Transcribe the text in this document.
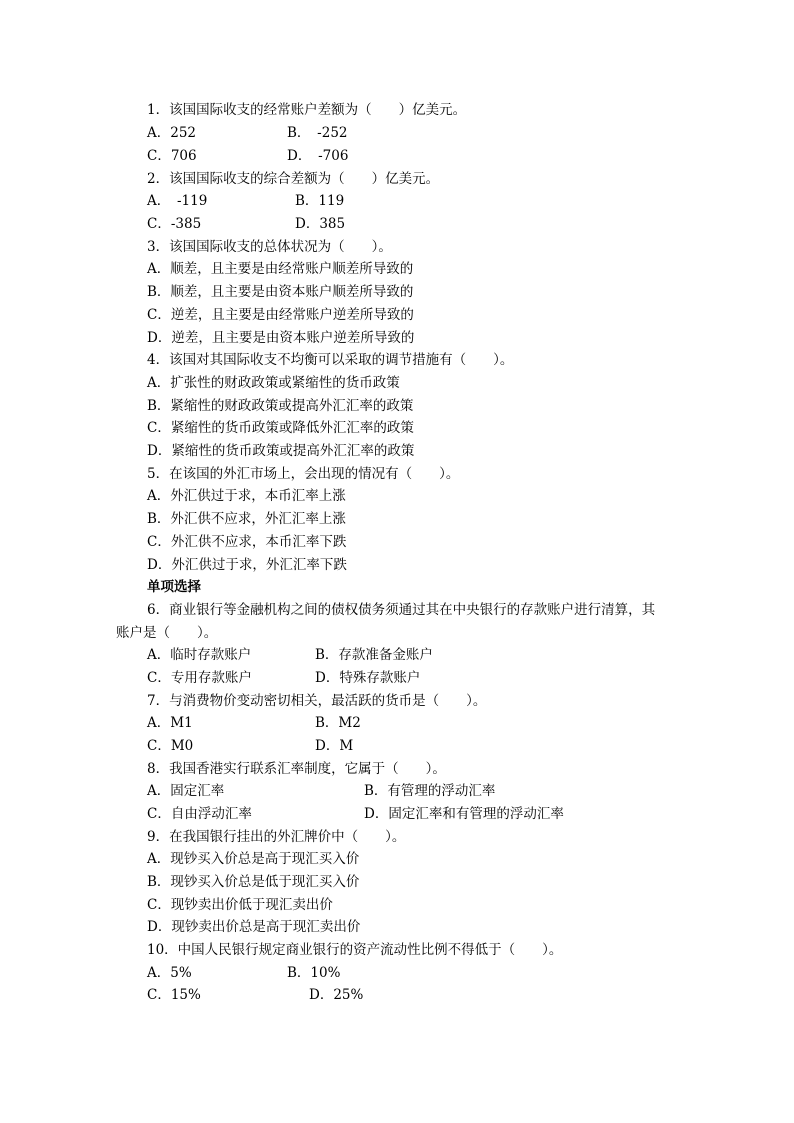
1．该国国际收支的经常账户差额为（　　）亿美元。
A．252	B．　-252
C．706	D．　-706
2．该国国际收支的综合差额为（　　）亿美元。
A．　-119	B．119
C．-385	D．385
3．该国国际收支的总体状况为（　　）。
A．顺差，且主要是由经常账户顺差所导致的
B．顺差，且主要是由资本账户顺差所导致的
C．逆差，且主要是由经常账户逆差所导致的
D．逆差，且主要是由资本账户逆差所导致的
4．该国对其国际收支不均衡可以采取的调节措施有（　　）。
A．扩张性的财政政策或紧缩性的货币政策
B．紧缩性的财政政策或提高外汇汇率的政策
C．紧缩性的货币政策或降低外汇汇率的政策
D．紧缩性的货币政策或提高外汇汇率的政策
5．在该国的外汇市场上，会出现的情况有（　　）。
A．外汇供过于求，本币汇率上涨
B．外汇供不应求，外汇汇率上涨
C．外汇供不应求，本币汇率下跌
D．外汇供过于求，外汇汇率下跌
单项选择
6．商业银行等金融机构之间的债权债务须通过其在中央银行的存款账户进行清算，其
账户是（　　）。
A．临时存款账户	B．存款准备金账户
C．专用存款账户	D．特殊存款账户
7．与消费物价变动密切相关，最活跃的货币是（　　）。
A．M1	B．M2
C．M0	D．M
8．我国香港实行联系汇率制度，它属于（　　）。
A．固定汇率	B．有管理的浮动汇率
C．自由浮动汇率	D．固定汇率和有管理的浮动汇率
9．在我国银行挂出的外汇牌价中（　　）。
A．现钞买入价总是高于现汇买入价
B．现钞买入价总是低于现汇买入价
C．现钞卖出价低于现汇卖出价
D．现钞卖出价总是高于现汇卖出价
10．中国人民银行规定商业银行的资产流动性比例不得低于（　　）。
A．5%	B．10%
C．15%	D．25%
